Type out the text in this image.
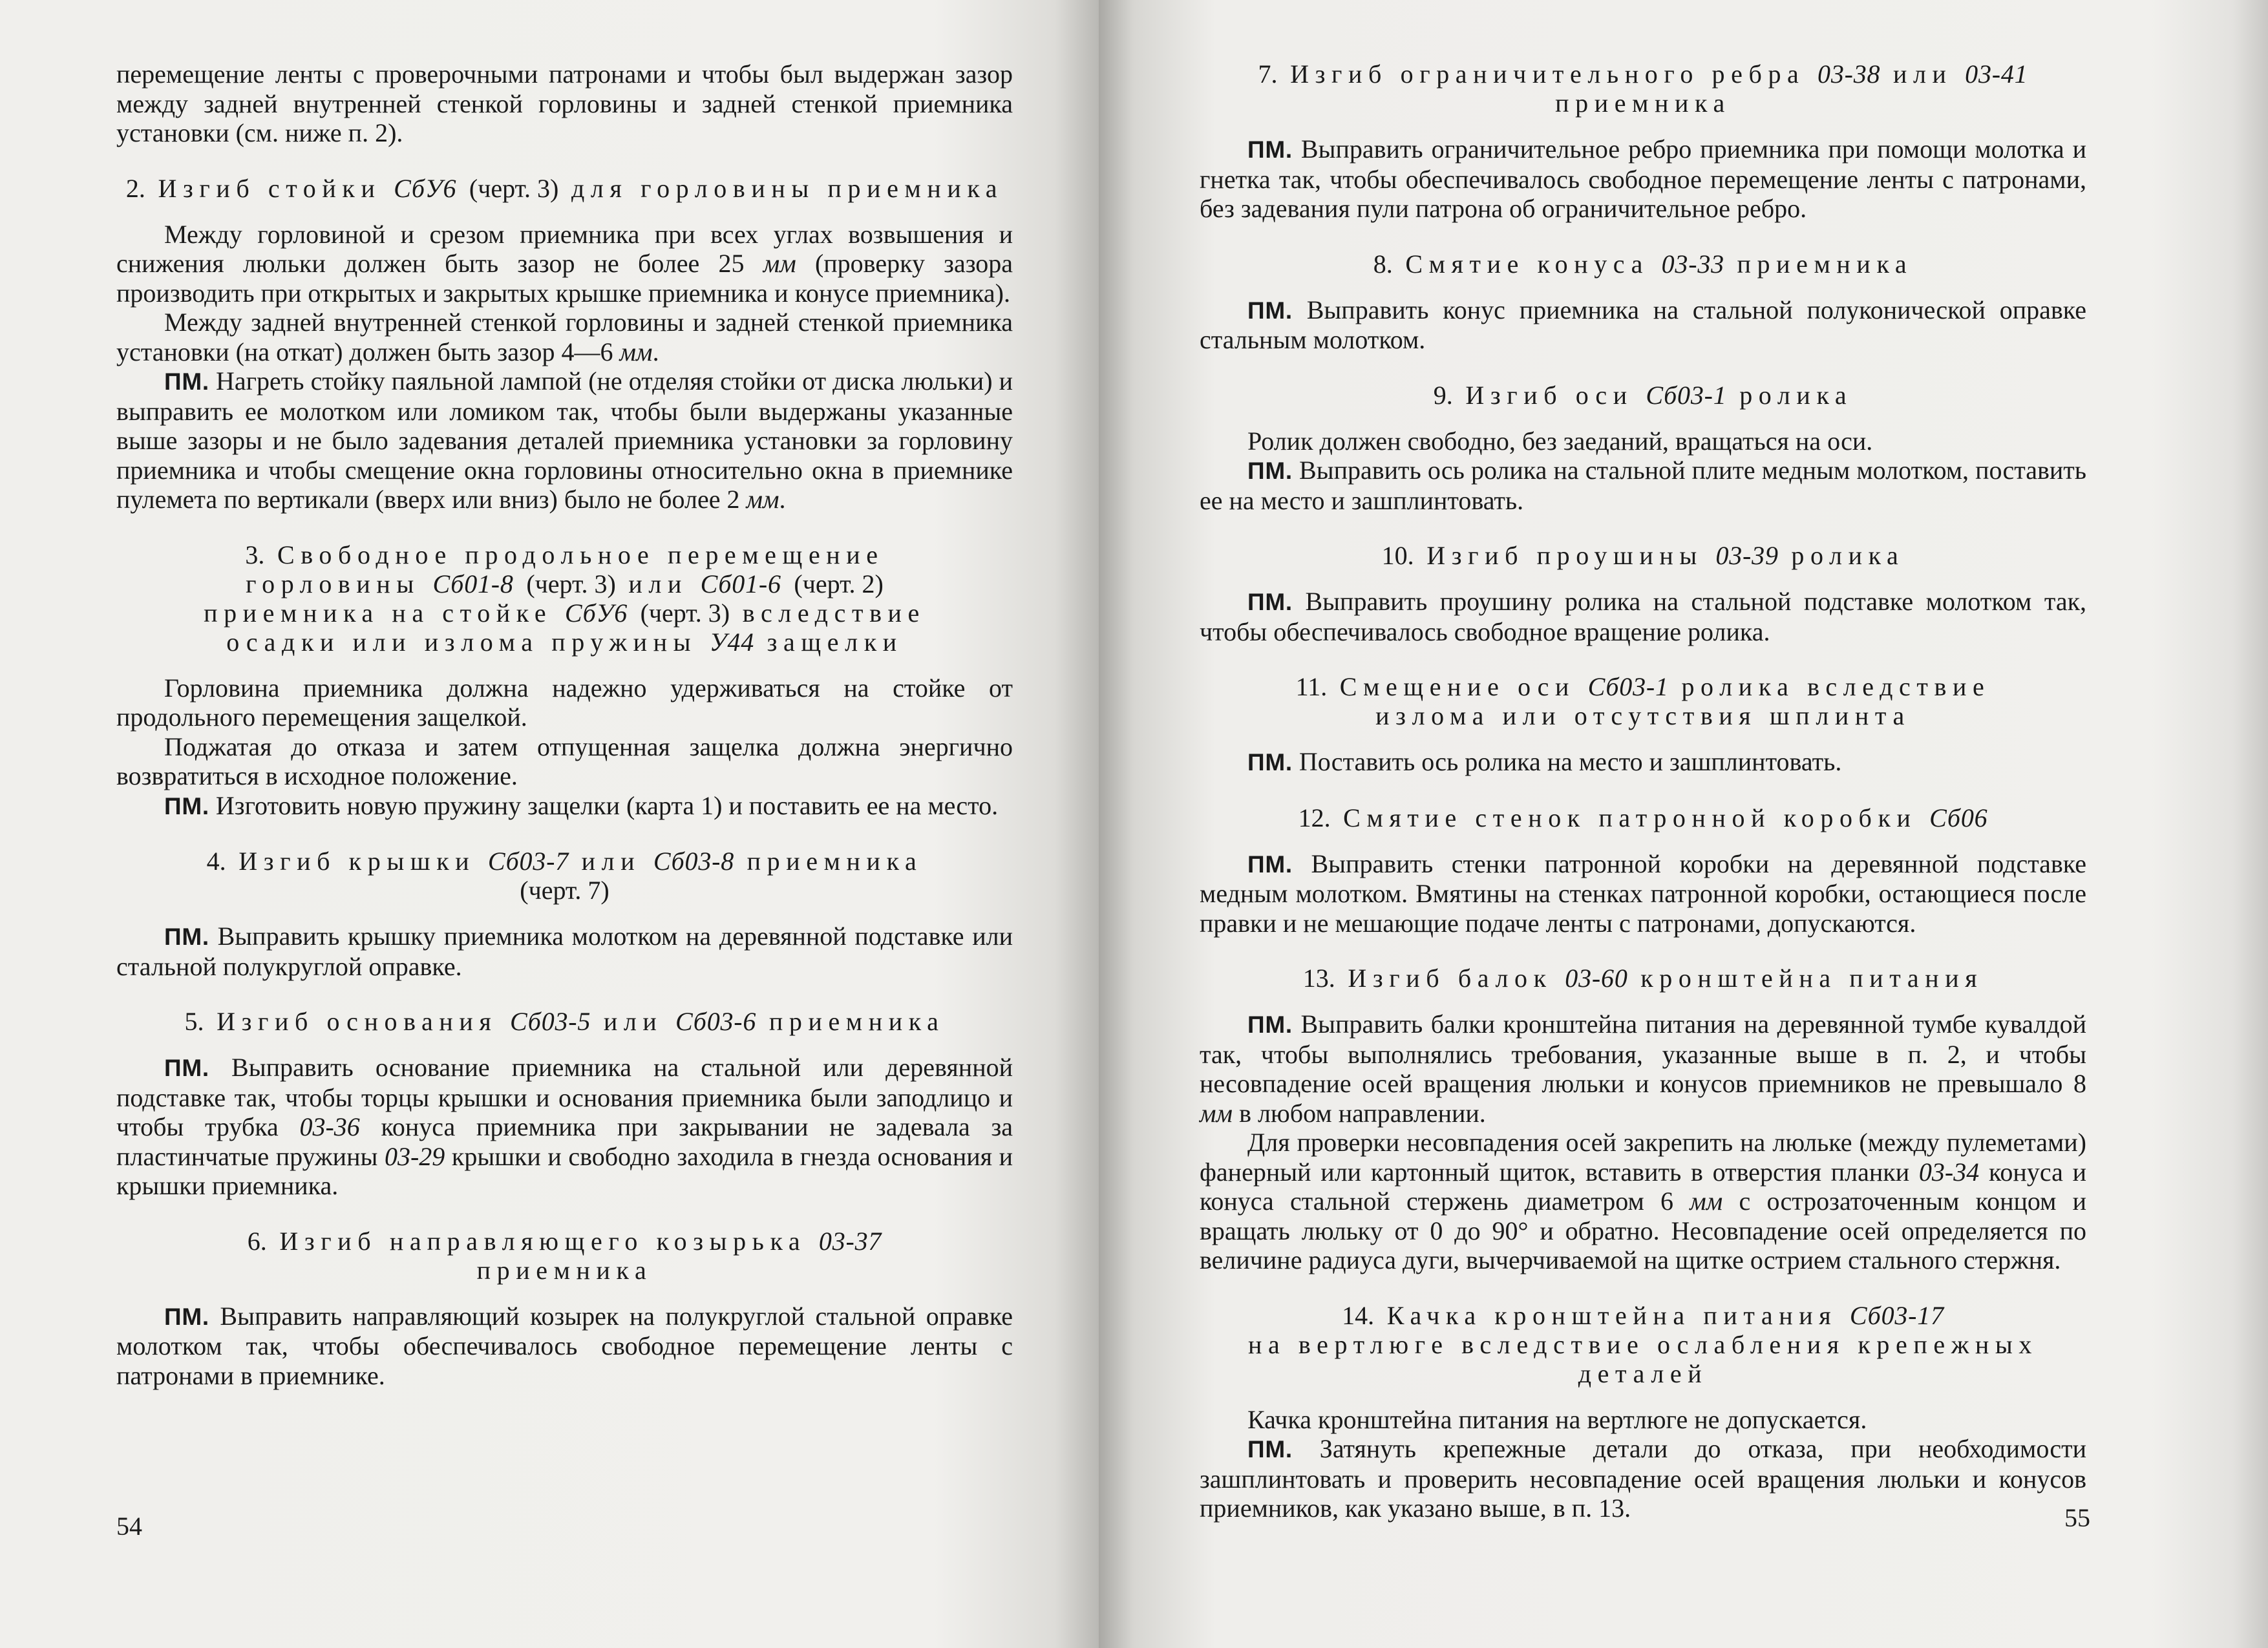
перемещение ленты с проверочными патронами и чтобы был выдержан зазор между задней внутренней стенкой горловины и задней стенкой приемника установки (см. ниже п. 2).

2. Изгиб стойки СбУ6 (черт. 3) для горловины приемника

Между горловиной и срезом приемника при всех углах возвышения и снижения люльки должен быть зазор не более 25 мм (проверку зазора производить при открытых и закрытых крышке приемника и конусе приемника).

Между задней внутренней стенкой горловины и задней стенкой приемника установки (на откат) должен быть зазор 4—6 мм.

ПМ. Нагреть стойку паяльной лампой (не отделяя стойки от диска люльки) и выправить ее молотком или ломиком так, чтобы были выдержаны указанные выше зазоры и не было задевания деталей приемника установки за горловину приемника и чтобы смещение окна горловины относительно окна в приемнике пулемета по вертикали (вверх или вниз) было не более 2 мм.

3. Свободное продольное перемещение
горловины Сб01-8 (черт. 3) или Сб01-6 (черт. 2)
приемника на стойке СбУ6 (черт. 3) вследствие
осадки или излома пружины У44 защелки

Горловина приемника должна надежно удерживаться на стойке от продольного перемещения защелкой.

Поджатая до отказа и затем отпущенная защелка должна энергично возвратиться в исходное положение.

ПМ. Изготовить новую пружину защелки (карта 1) и поставить ее на место.

4. Изгиб крышки Сб03-7 или Сб03-8 приемника
(черт. 7)

ПМ. Выправить крышку приемника молотком на деревянной подставке или стальной полукруглой оправке.

5. Изгиб основания Сб03-5 или Сб03-6 приемника

ПМ. Выправить основание приемника на стальной или деревянной подставке так, чтобы торцы крышки и основания приемника были заподлицо и чтобы трубка 03-36 конуса приемника при закрывании не задевала за пластинчатые пружины 03-29 крышки и свободно заходила в гнезда основания и крышки приемника.

6. Изгиб направляющего козырька 03-37
приемника

ПМ. Выправить направляющий козырек на полукруглой стальной оправке молотком так, чтобы обеспечивалось свободное перемещение ленты с патронами в приемнике.

54
7. Изгиб ограничительного ребра 03-38 или 03-41
приемника

ПМ. Выправить ограничительное ребро приемника при помощи молотка и гнетка так, чтобы обеспечивалось свободное перемещение ленты с патронами, без задевания пули патрона об ограничительное ребро.

8. Смятие конуса 03-33 приемника

ПМ. Выправить конус приемника на стальной полуконической оправке стальным молотком.

9. Изгиб оси Сб03-1 ролика

Ролик должен свободно, без заеданий, вращаться на оси.

ПМ. Выправить ось ролика на стальной плите медным молотком, поставить ее на место и зашплинтовать.

10. Изгиб проушины 03-39 ролика

ПМ. Выправить проушину ролика на стальной подставке молотком так, чтобы обеспечивалось свободное вращение ролика.

11. Смещение оси Сб03-1 ролика вследствие
излома или отсутствия шплинта

ПМ. Поставить ось ролика на место и зашплинтовать.

12. Смятие стенок патронной коробки Сб06

ПМ. Выправить стенки патронной коробки на деревянной подставке медным молотком. Вмятины на стенках патронной коробки, остающиеся после правки и не мешающие подаче ленты с патронами, допускаются.

13. Изгиб балок 03-60 кронштейна питания

ПМ. Выправить балки кронштейна питания на деревянной тумбе кувалдой так, чтобы выполнялись требования, указанные выше в п. 2, и чтобы несовпадение осей вращения люльки и конусов приемников не превышало 8 мм в любом направлении.

Для проверки несовпадения осей закрепить на люльке (между пулеметами) фанерный или картонный щиток, вставить в отверстия планки 03-34 конуса и конуса стальной стержень диаметром 6 мм с острозаточенным концом и вращать люльку от 0 до 90° и обратно. Несовпадение осей определяется по величине радиуса дуги, вычерчиваемой на щитке острием стального стержня.

14. Качка кронштейна питания Сб03-17
на вертлюге вследствие ослабления крепежных
деталей

Качка кронштейна питания на вертлюге не допускается.

ПМ. Затянуть крепежные детали до отказа, при необходимости зашплинтовать и проверить несовпадение осей вращения люльки и конусов приемников, как указано выше, в п. 13.	55
